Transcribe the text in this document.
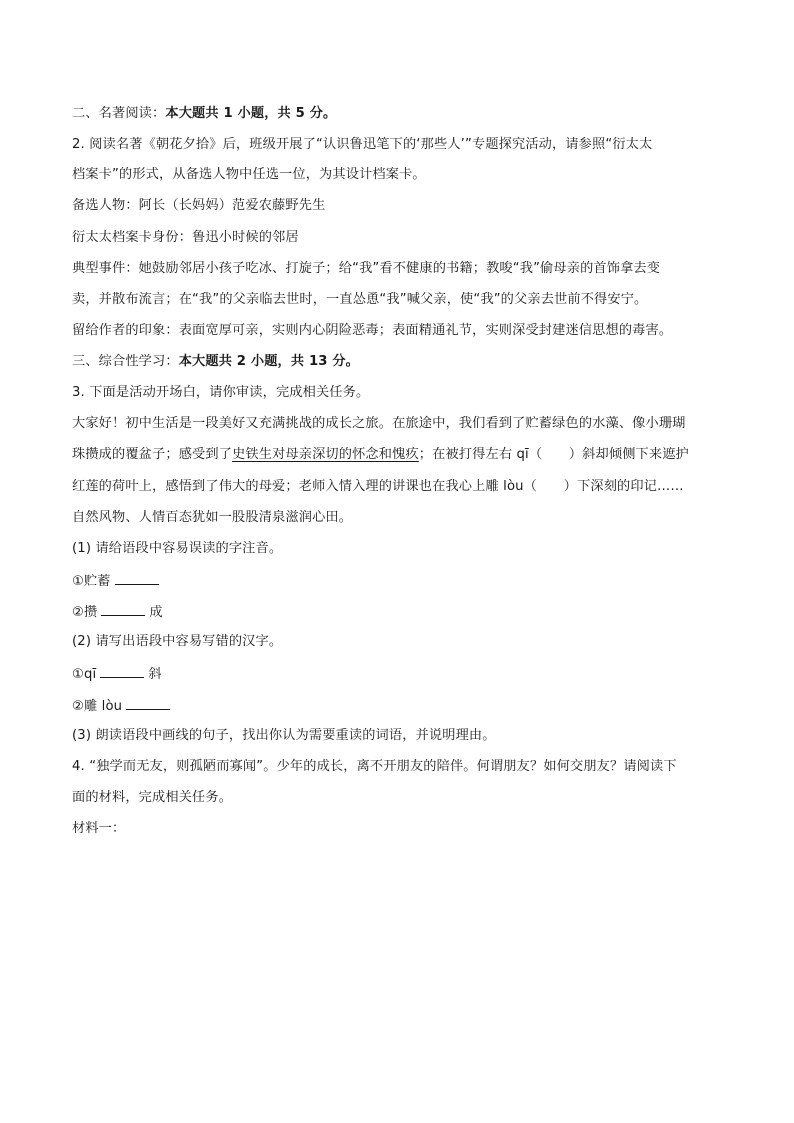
二、名著阅读：本大题共 1 小题，共 5 分。
2. 阅读名著《朝花夕拾》后，班级开展了“认识鲁迅笔下的‘那些人’”专题探究活动，请参照“衍太太
档案卡”的形式，从备选人物中任选一位，为其设计档案卡。
备选人物：阿长（长妈妈）范爱农藤野先生
衍太太档案卡身份：鲁迅小时候的邻居
典型事件：她鼓励邻居小孩子吃冰、打旋子；给“我”看不健康的书籍；教唆“我”偷母亲的首饰拿去变
卖，并散布流言；在“我”的父亲临去世时，一直怂恿“我”喊父亲，使“我”的父亲去世前不得安宁。
留给作者的印象：表面宽厚可亲，实则内心阴险恶毒；表面精通礼节，实则深受封建迷信思想的毒害。
三、综合性学习：本大题共 2 小题，共 13 分。
3. 下面是活动开场白，请你审读，完成相关任务。
大家好！初中生活是一段美好又充满挑战的成长之旅。在旅途中，我们看到了贮蓄绿色的水藻、像小珊瑚
珠攒成的覆盆子；感受到了史铁生对母亲深切的怀念和愧疚；在被打得左右 qī（　　）斜却倾侧下来遮护
红莲的荷叶上，感悟到了伟大的母爱；老师入情入理的讲课也在我心上雕 lòu（　　）下深刻的印记……
自然风物、人情百态犹如一股股清泉滋润心田。
(1) 请给语段中容易误读的字注音。
①贮蓄
②攒	成
(2) 请写出语段中容易写错的汉字。
①qī	斜
②雕 lòu
(3) 朗读语段中画线的句子，找出你认为需要重读的词语，并说明理由。
4. “独学而无友，则孤陋而寡闻”。少年的成长，离不开朋友的陪伴。何谓朋友？如何交朋友？请阅读下
面的材料，完成相关任务。
材料一：
